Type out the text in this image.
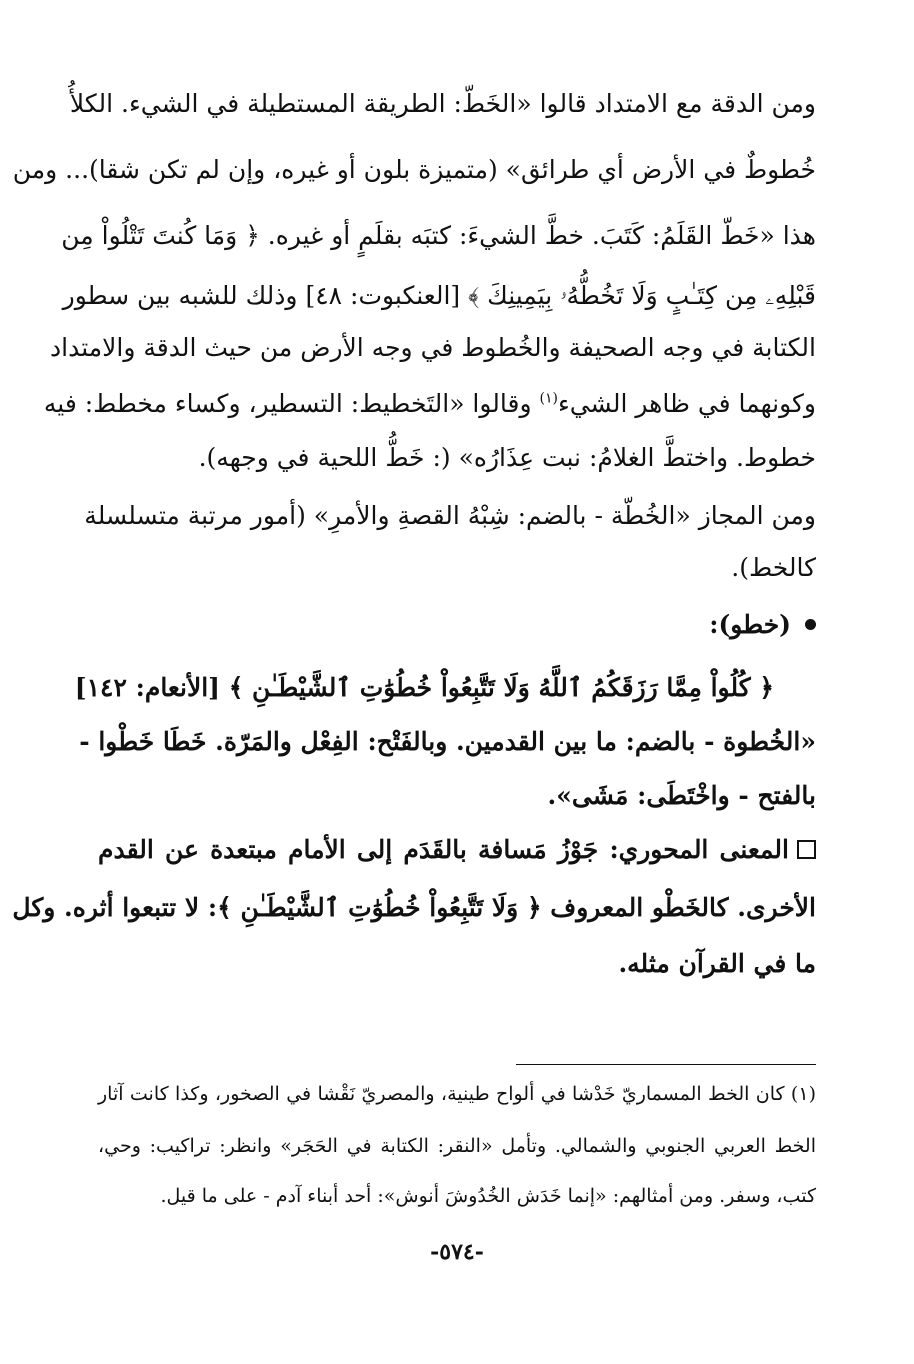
ومن الدقة مع الامتداد قالوا «الخَطّ: الطريقة المستطيلة في الشيء. الكلأُ
خُطوطٌ في الأرض أي طرائق» (متميزة بلون أو غيره، وإن لم تكن شقا)... ومن
هذا «خَطّ القَلَمُ: كَتَبَ. خطَّ الشيءَ: كتبَه بقلَمٍ أو غيره. ﴿ وَمَا كُنتَ تَتْلُواْ مِن
قَبْلِهِۦ مِن كِتَـٰبٍ وَلَا تَخُطُّهُۥ بِيَمِينِكَ ﴾ [العنكبوت: ٤٨] وذلك للشبه بين سطور
الكتابة في وجه الصحيفة والخُطوط في وجه الأرض من حيث الدقة والامتداد
وكونهما في ظاهر الشيء$^{(١)}$ وقالوا «التَخطيط: التسطير، وكساء مخطط: فيه
خطوط. واختطَّ الغلامُ: نبت عِذَارُه» (: خَطُّ اللحية في وجهه).
ومن المجاز «الخُطّة - بالضم: شِبْهُ القصةِ والأمرِ» (أمور مرتبة متسلسلة
كالخط).
(خطو):
﴿ كُلُواْ مِمَّا رَزَقَكُمُ ٱللَّهُ وَلَا تَتَّبِعُواْ خُطُوَٰتِ ٱلشَّيْطَـٰنِ ﴾ [الأنعام: ١٤٢]
«الخُطوة - بالضم: ما بين القدمين. وبالفَتْح: الفِعْل والمَرّة. خَطَا خَطْوا -
بالفتح - واخْتَطَى: مَشَى».
المعنى المحوري: جَوْزُ مَسافة بالقَدَم إلى الأمام مبتعدة عن القدم
الأخرى. كالخَطْو المعروف ﴿ وَلَا تَتَّبِعُواْ خُطُوَٰتِ ٱلشَّيْطَـٰنِ ﴾: لا تتبعوا أثره. وكل
ما في القرآن مثله.
(١) كان الخط المسماريّ خَدْشا في ألواح طينية، والمصريّ نَقْشا في الصخور، وكذا كانت آثار
الخط العربي الجنوبي والشمالي. وتأمل «النقر: الكتابة في الحَجَر» وانظر: تراكيب: وحي،
كتب، وسفر. ومن أمثالهم: «إنما خَدَش الخُدُوشَ أنوش»: أحد أبناء آدم - على ما قيل.
-٥٧٤-
